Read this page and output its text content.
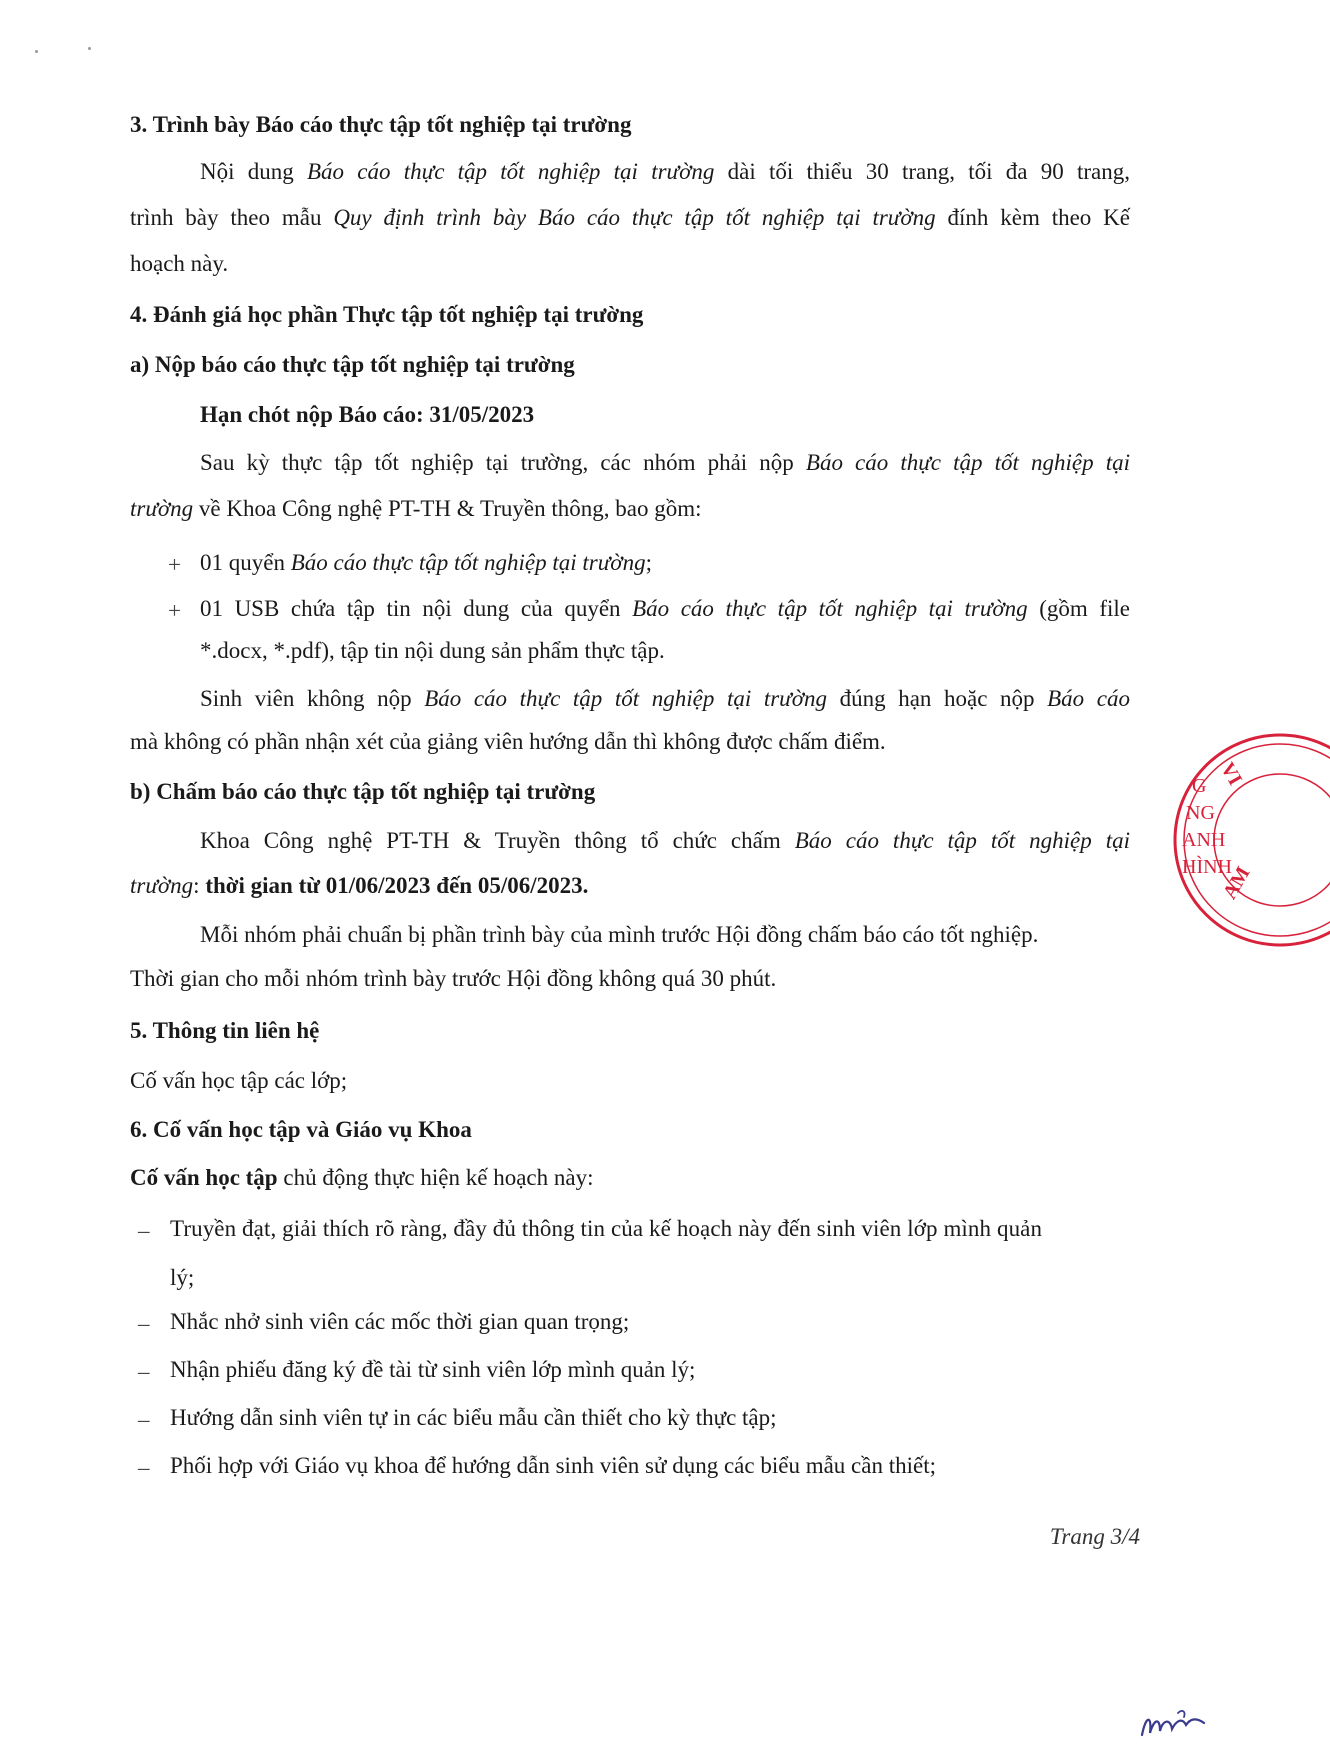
3. Trình bày Báo cáo thực tập tốt nghiệp tại trường
Nội dung Báo cáo thực tập tốt nghiệp tại trường dài tối thiểu 30 trang, tối đa 90 trang,
trình bày theo mẫu Quy định trình bày Báo cáo thực tập tốt nghiệp tại trường đính kèm theo Kế
hoạch này.
4. Đánh giá học phần Thực tập tốt nghiệp tại trường
a) Nộp báo cáo thực tập tốt nghiệp tại trường
Hạn chót nộp Báo cáo: 31/05/2023
Sau kỳ thực tập tốt nghiệp tại trường, các nhóm phải nộp Báo cáo thực tập tốt nghiệp tại
trường về Khoa Công nghệ PT-TH & Truyền thông, bao gồm:
+ 01 quyển Báo cáo thực tập tốt nghiệp tại trường;
+ 01 USB chứa tập tin nội dung của quyển Báo cáo thực tập tốt nghiệp tại trường (gồm file
*.docx, *.pdf), tập tin nội dung sản phẩm thực tập.
Sinh viên không nộp Báo cáo thực tập tốt nghiệp tại trường đúng hạn hoặc nộp Báo cáo
mà không có phần nhận xét của giảng viên hướng dẫn thì không được chấm điểm.
b) Chấm báo cáo thực tập tốt nghiệp tại trường
Khoa Công nghệ PT-TH & Truyền thông tổ chức chấm Báo cáo thực tập tốt nghiệp tại
trường: thời gian từ 01/06/2023 đến 05/06/2023.
Mỗi nhóm phải chuẩn bị phần trình bày của mình trước Hội đồng chấm báo cáo tốt nghiệp.
Thời gian cho mỗi nhóm trình bày trước Hội đồng không quá 30 phút.
5. Thông tin liên hệ
Cố vấn học tập các lớp;
6. Cố vấn học tập và Giáo vụ Khoa
Cố vấn học tập chủ động thực hiện kế hoạch này:
– Truyền đạt, giải thích rõ ràng, đầy đủ thông tin của kế hoạch này đến sinh viên lớp mình quản
lý;
– Nhắc nhở sinh viên các mốc thời gian quan trọng;
– Nhận phiếu đăng ký đề tài từ sinh viên lớp mình quản lý;
– Hướng dẫn sinh viên tự in các biểu mẫu cần thiết cho kỳ thực tập;
– Phối hợp với Giáo vụ khoa để hướng dẫn sinh viên sử dụng các biểu mẫu cần thiết;
G
NG
ANH
HÌNH
VI
AM
Trang 3/4
